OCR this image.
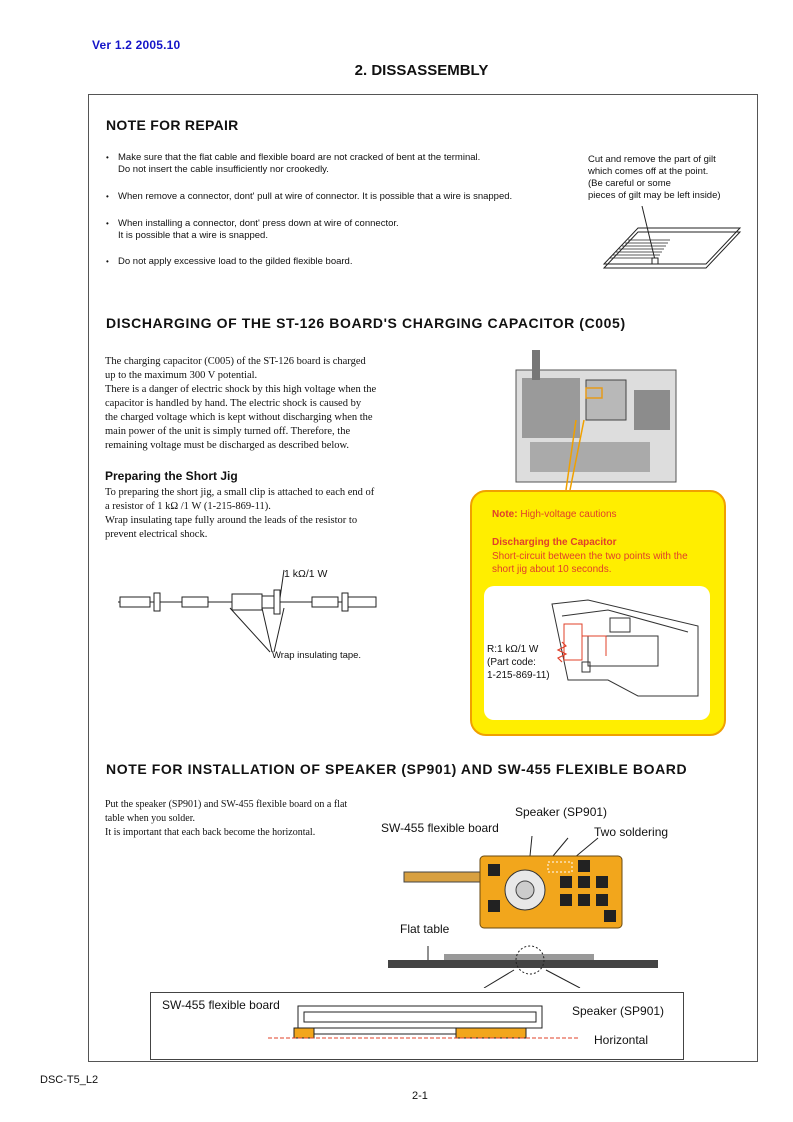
Ver 1.2 2005.10
2. DISSASSEMBLY
NOTE FOR REPAIR
• Make sure that the flat cable and flexible board are not cracked of bent at the terminal.
Do not insert the cable insufficiently nor crookedly.
• When remove a connector, dont' pull at wire of connector. It is possible that a wire is snapped.
• When installing a connector, dont' press down at wire of connector.
It is possible that a wire is snapped.
• Do not apply excessive load to the gilded flexible board.
Cut and remove the part of gilt
which comes off at the point.
(Be careful or some
pieces of gilt may be left inside)
DISCHARGING OF THE ST-126 BOARD'S CHARGING CAPACITOR (C005)
The charging capacitor (C005) of the ST-126 board is charged
up to the maximum 300 V potential.
There is a danger of electric shock by this high voltage when the
capacitor is handled by hand. The electric shock is caused by
the charged voltage which is kept without discharging when the
main power of the unit is simply turned off. Therefore, the
remaining voltage must be discharged as described below.
Preparing the Short Jig
To preparing the short jig, a small clip is attached to each end of
a resistor of 1 kΩ /1 W (1-215-869-11).
Wrap insulating tape fully around the leads of the resistor to
prevent electrical shock.
1 kΩ/1 W
Wrap insulating tape.
Note: High-voltage cautions
Discharging the Capacitor
Short-circuit between the two points with the
short jig about 10 seconds.
R:1 kΩ/1 W
(Part code:
1-215-869-11)
NOTE FOR INSTALLATION OF SPEAKER (SP901) AND SW-455 FLEXIBLE BOARD
Put the speaker (SP901) and SW-455 flexible board on a flat
table when you solder.
It is important that each back become the horizontal.
Speaker (SP901)
SW-455 flexible board	Two soldering
Flat table
SW-455 flexible board	Speaker (SP901)
Horizontal
DSC-T5_L2
2-1
